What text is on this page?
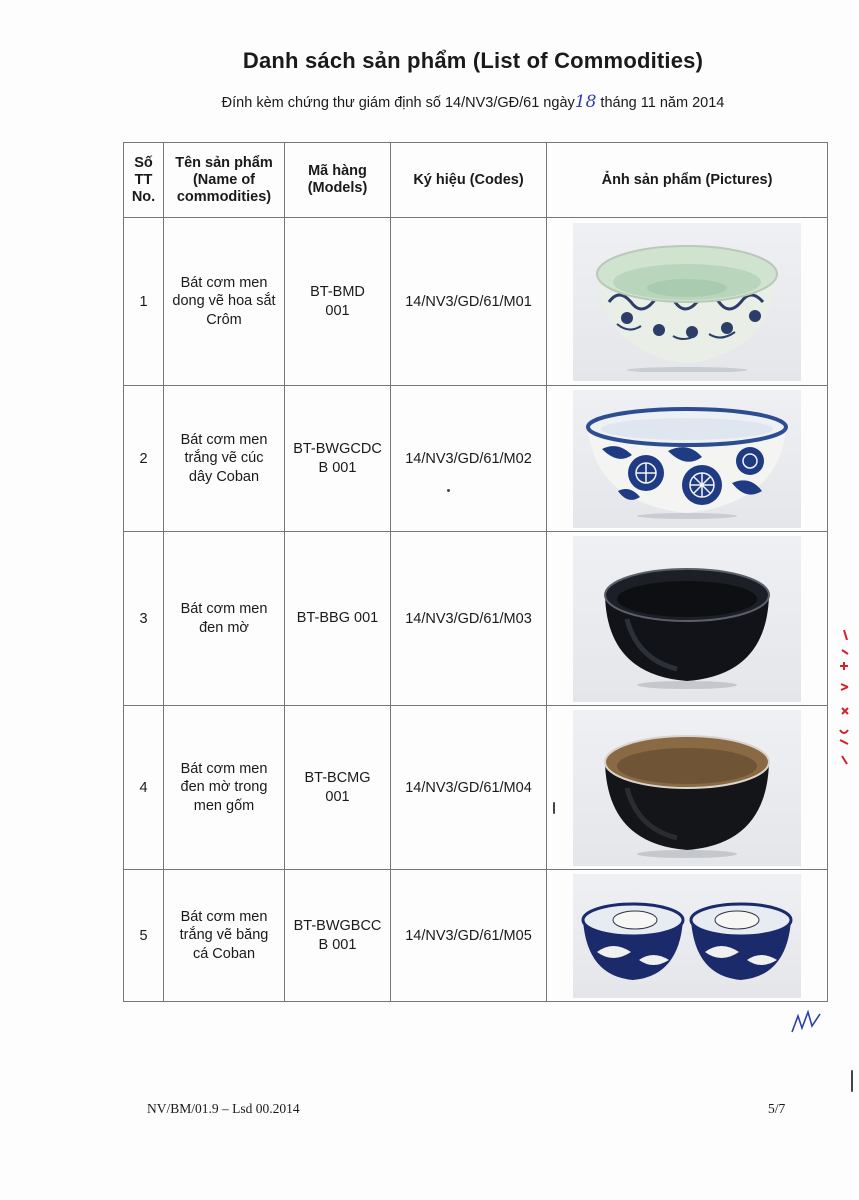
Danh sách sản phẩm (List of Commodities)
Đính kèm chứng thư giám định số 14/NV3/GĐ/61 ngày18 tháng 11 năm 2014
Số TT No.	Tên sản phẩm (Name of commodities)	Mã hàng (Models)	Ký hiệu (Codes)	Ảnh sản phẩm (Pictures)
1	Bát cơm men dong vẽ hoa sắt Crôm	BT-BMD 001	14/NV3/GD/61/M01	

2	Bát cơm men trắng vẽ cúc dây Coban	BT-BWGCDCB 001	14/NV3/GD/61/M02	

3	Bát cơm men đen mờ	BT-BBG 001	14/NV3/GD/61/M03	

4	Bát cơm men đen mờ trong men gốm	BT-BCMG 001	14/NV3/GD/61/M04	

5	Bát cơm men trắng vẽ băng cá Coban	BT-BWGBCCB 001	14/NV3/GD/61/M05	
NV/BM/01.9 – Lsd 00.2014	5/7
